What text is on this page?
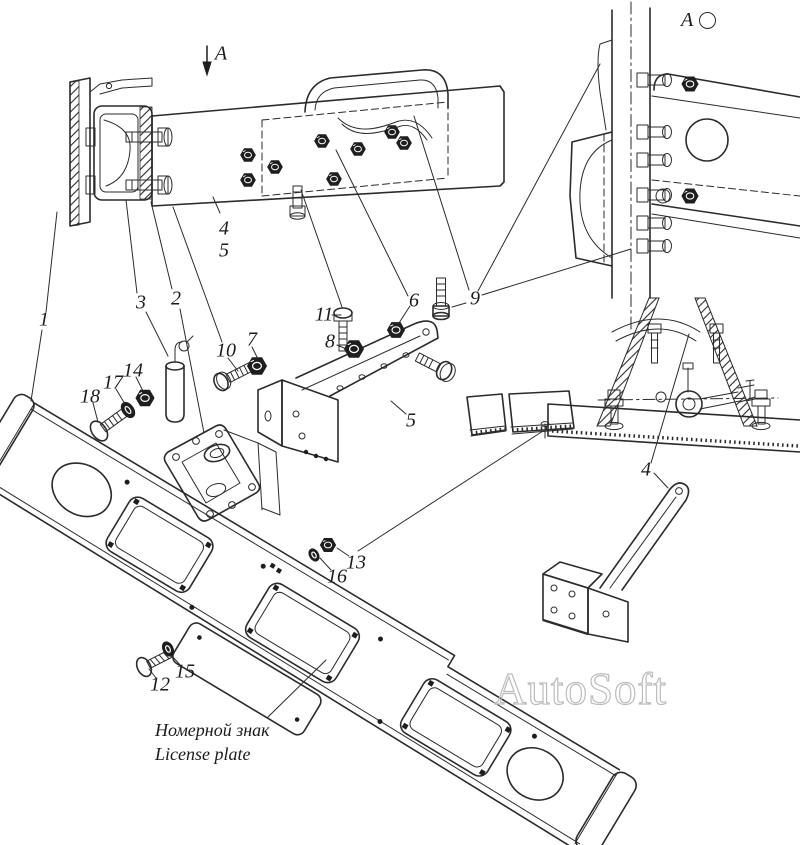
AutoSoft
1
2
3
4
5
4
5
6
7	8
9
10
11
12
13
14
15
16
17
18
А
А
Номерной знак
License plate
